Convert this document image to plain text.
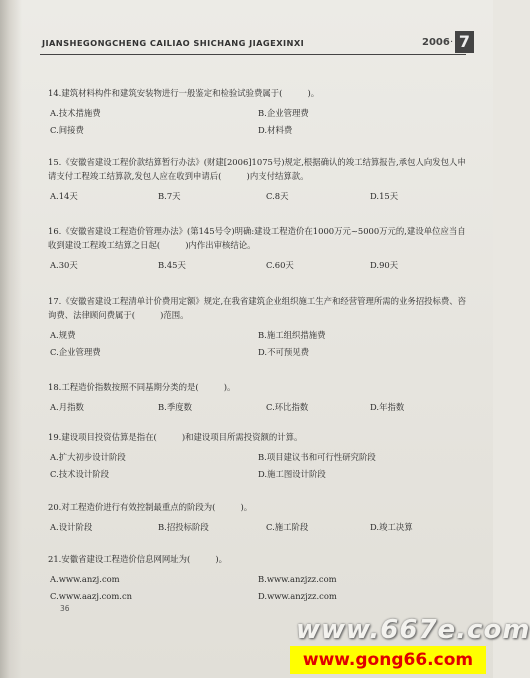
JIANSHEGONGCHENG CAILIAO SHICHANG JIAGEXINXI	2006 · 7
14.建筑材料构件和建筑安装物进行一般鉴定和检验试验费属于(　　　)。
A.技术措施费	B.企业管理费
C.间接费	D.材料费
15.《安徽省建设工程价款结算暂行办法》(财建[2006]1075号)规定,根据确认的竣工结算报告,承包人向发包人申请支付工程竣工结算款,发包人应在收到申请后(　　　)内支付结算款。
A.14天	B.7天	C.8天	D.15天
16.《安徽省建设工程造价管理办法》(第145号令)明确:建设工程造价在1000万元~5000万元的,建设单位应当自收到建设工程竣工结算之日起(　　　)内作出审核结论。
A.30天	B.45天	C.60天	D.90天
17.《安徽省建设工程清单计价费用定额》规定,在我省建筑企业组织施工生产和经营管理所需的业务招投标费、咨询费、法律顾问费属于(　　　)范围。
A.规费	B.施工组织措施费
C.企业管理费	D.不可预见费
18.工程造价指数按照不同基期分类的是(　　　)。
A.月指数	B.季度数	C.环比指数	D.年指数
19.建设项目投资估算是指在(　　　)和建设项目所需投资额的计算。
A.扩大初步设计阶段	B.项目建议书和可行性研究阶段
C.技术设计阶段	D.施工图设计阶段
20.对工程造价进行有效控制最重点的阶段为(　　　)。
A.设计阶段	B.招投标阶段	C.施工阶段	D.竣工决算
21.安徽省建设工程造价信息网网址为(　　　)。
A.www.anzj.com	B.www.anzjzz.com
C.www.aazj.com.cn	D.www.anzjzz.com
36
www.667e.com
www.gong66.com
